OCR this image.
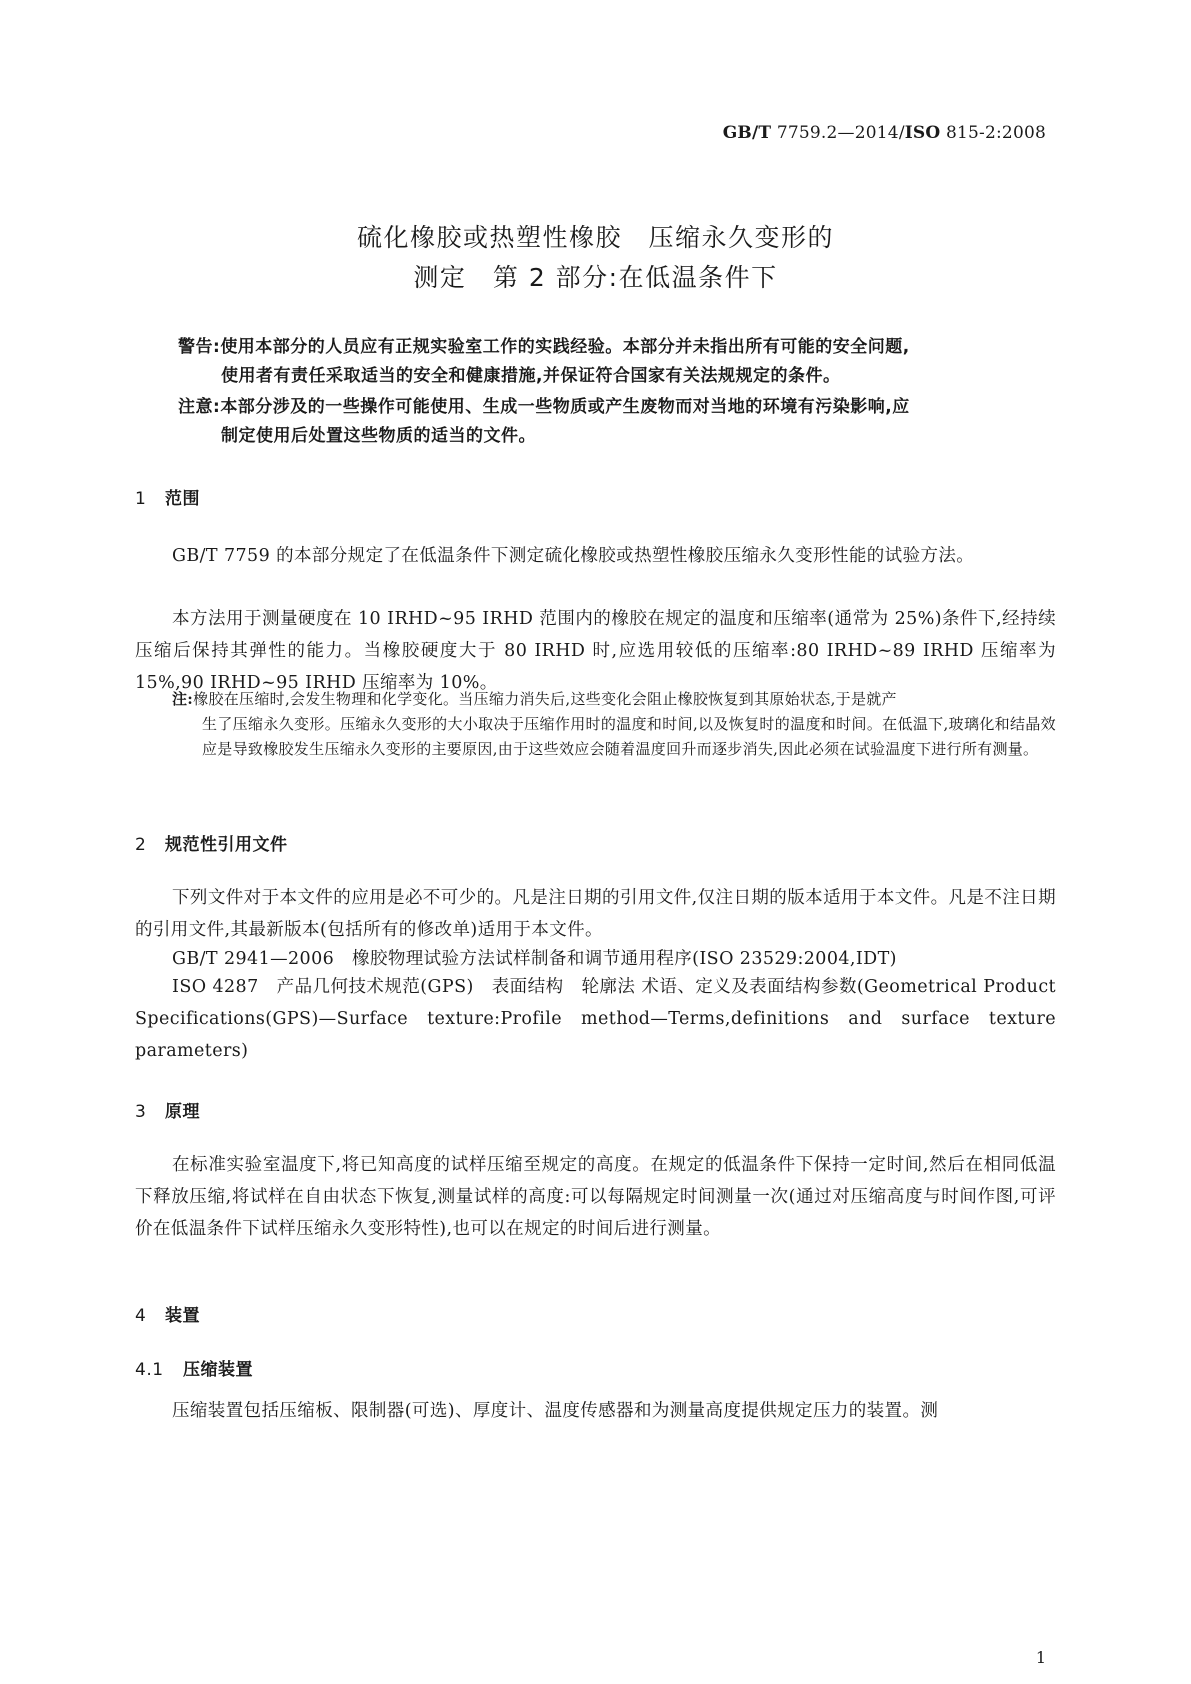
GB/T 7759.2—2014/ISO 815-2:2008
硫化橡胶或热塑性橡胶　压缩永久变形的
测定　第 2 部分:在低温条件下
警告:使用本部分的人员应有正规实验室工作的实践经验。本部分并未指出所有可能的安全问题,
使用者有责任采取适当的安全和健康措施,并保证符合国家有关法规规定的条件。
注意:本部分涉及的一些操作可能使用、生成一些物质或产生废物而对当地的环境有污染影响,应
制定使用后处置这些物质的适当的文件。
1 范围
GB/T 7759 的本部分规定了在低温条件下测定硫化橡胶或热塑性橡胶压缩永久变形性能的试验方法。
本方法用于测量硬度在 10 IRHD~95 IRHD 范围内的橡胶在规定的温度和压缩率(通常为 25%)条件下,经持续压缩后保持其弹性的能力。当橡胶硬度大于 80 IRHD 时,应选用较低的压缩率:80 IRHD~89 IRHD 压缩率为 15%,90 IRHD~95 IRHD 压缩率为 10%。
注:橡胶在压缩时,会发生物理和化学变化。当压缩力消失后,这些变化会阻止橡胶恢复到其原始状态,于是就产
生了压缩永久变形。压缩永久变形的大小取决于压缩作用时的温度和时间,以及恢复时的温度和时间。在低温下,玻璃化和结晶效应是导致橡胶发生压缩永久变形的主要原因,由于这些效应会随着温度回升而逐步消失,因此必须在试验温度下进行所有测量。
2 规范性引用文件
下列文件对于本文件的应用是必不可少的。凡是注日期的引用文件,仅注日期的版本适用于本文件。凡是不注日期的引用文件,其最新版本(包括所有的修改单)适用于本文件。
GB/T 2941—2006　橡胶物理试验方法试样制备和调节通用程序(ISO 23529:2004,IDT)
ISO 4287　产品几何技术规范(GPS)　表面结构　轮廓法 术语、定义及表面结构参数(Geometrical Product Specifications(GPS)—Surface texture:Profile method—Terms,definitions and surface texture parameters)
3 原理
在标准实验室温度下,将已知高度的试样压缩至规定的高度。在规定的低温条件下保持一定时间,然后在相同低温下释放压缩,将试样在自由状态下恢复,测量试样的高度:可以每隔规定时间测量一次(通过对压缩高度与时间作图,可评价在低温条件下试样压缩永久变形特性),也可以在规定的时间后进行测量。
4 装置
4.1 压缩装置
压缩装置包括压缩板、限制器(可选)、厚度计、温度传感器和为测量高度提供规定压力的装置。测
1
